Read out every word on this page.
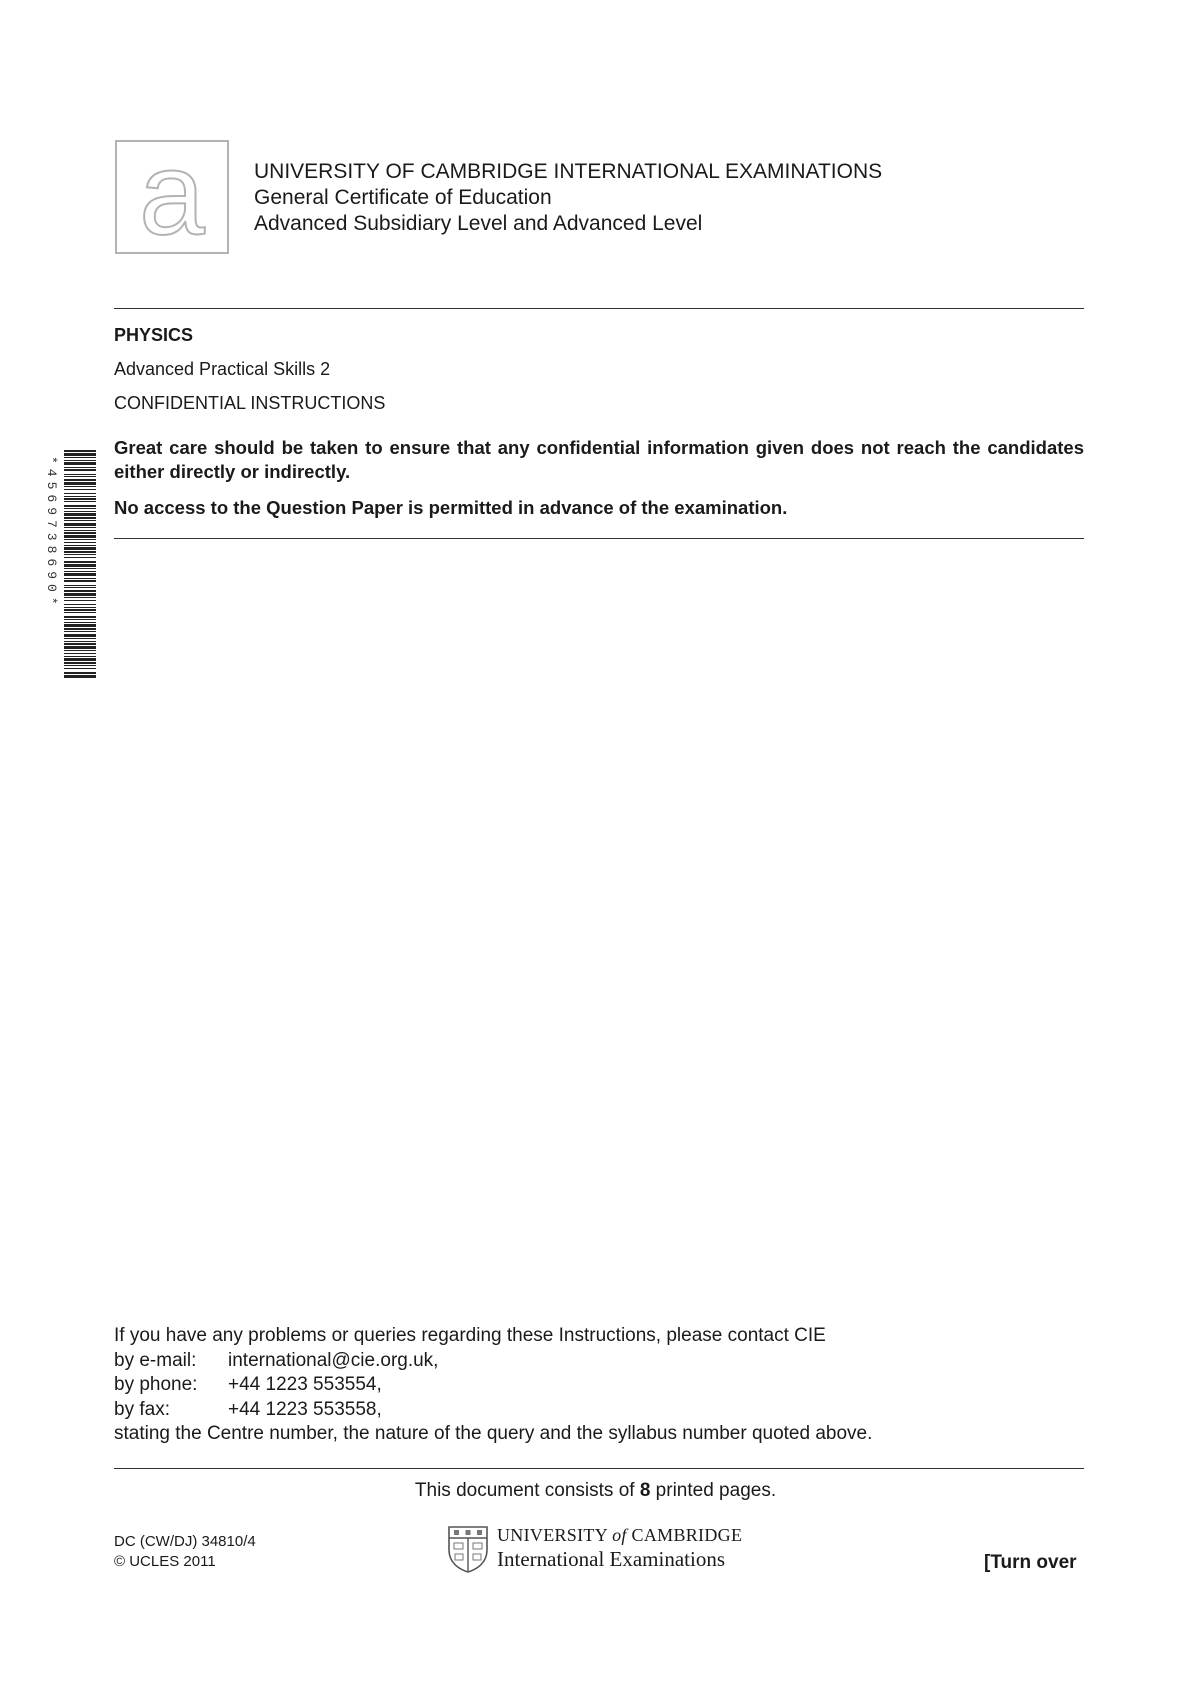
a UNIVERSITY OF CAMBRIDGE INTERNATIONAL EXAMINATIONS
General Certificate of Education
Advanced Subsidiary Level and Advanced Level
PHYSICS
Advanced Practical Skills 2
CONFIDENTIAL INSTRUCTIONS
Great care should be taken to ensure that any confidential information given does not reach the candidates either directly or indirectly.
No access to the Question Paper is permitted in advance of the examination.
*4569738690*
If you have any problems or queries regarding these Instructions, please contact CIE
by e-mail: international@cie.org.uk,
by phone: +44 1223 553554,
by fax:	+44 1223 553558,
stating the Centre number, the nature of the query and the syllabus number quoted above.
This document consists of 8 printed pages.
DC (CW/DJ) 34810/4
© UCLES 2011
UNIVERSITY of CAMBRIDGE
International Examinations	[Turn over
